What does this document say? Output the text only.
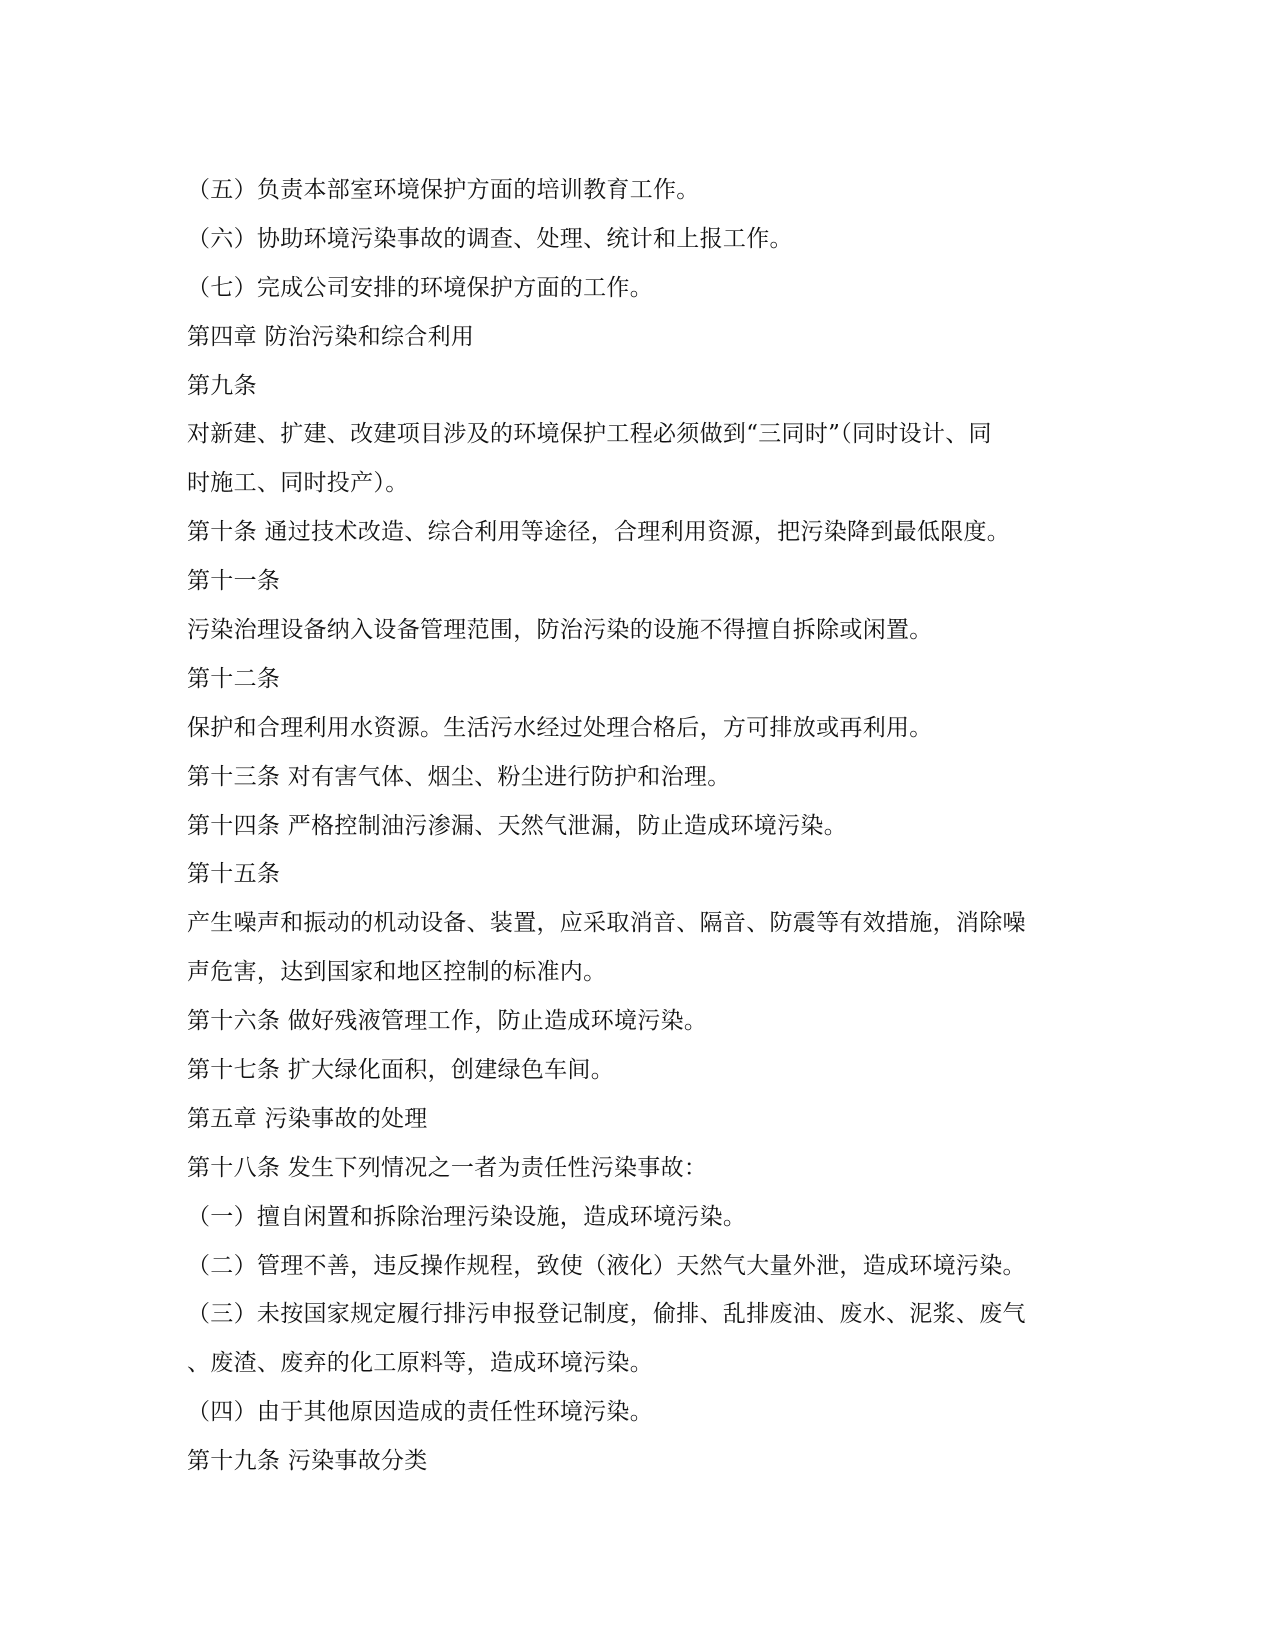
（五）负责本部室环境保护方面的培训教育工作。

（六）协助环境污染事故的调查、处理、统计和上报工作。

（七）完成公司安排的环境保护方面的工作。

第四章 防治污染和综合利用

第九条

对新建、扩建、改建项目涉及的环境保护工程必须做到“三同时”（同时设计、同

时施工、同时投产）。

第十条 通过技术改造、综合利用等途径，合理利用资源，把污染降到最低限度。

第十一条

污染治理设备纳入设备管理范围，防治污染的设施不得擅自拆除或闲置。

第十二条

保护和合理利用水资源。生活污水经过处理合格后，方可排放或再利用。

第十三条 对有害气体、烟尘、粉尘进行防护和治理。

第十四条 严格控制油污渗漏、天然气泄漏，防止造成环境污染。

第十五条

产生噪声和振动的机动设备、装置，应采取消音、隔音、防震等有效措施，消除噪

声危害，达到国家和地区控制的标准内。

第十六条 做好残液管理工作，防止造成环境污染。

第十七条 扩大绿化面积，创建绿色车间。

第五章 污染事故的处理

第十八条 发生下列情况之一者为责任性污染事故：

（一）擅自闲置和拆除治理污染设施，造成环境污染。

（二）管理不善，违反操作规程，致使（液化）天然气大量外泄，造成环境污染。

（三）未按国家规定履行排污申报登记制度，偷排、乱排废油、废水、泥浆、废气

、废渣、废弃的化工原料等，造成环境污染。

（四）由于其他原因造成的责任性环境污染。

第十九条 污染事故分类
